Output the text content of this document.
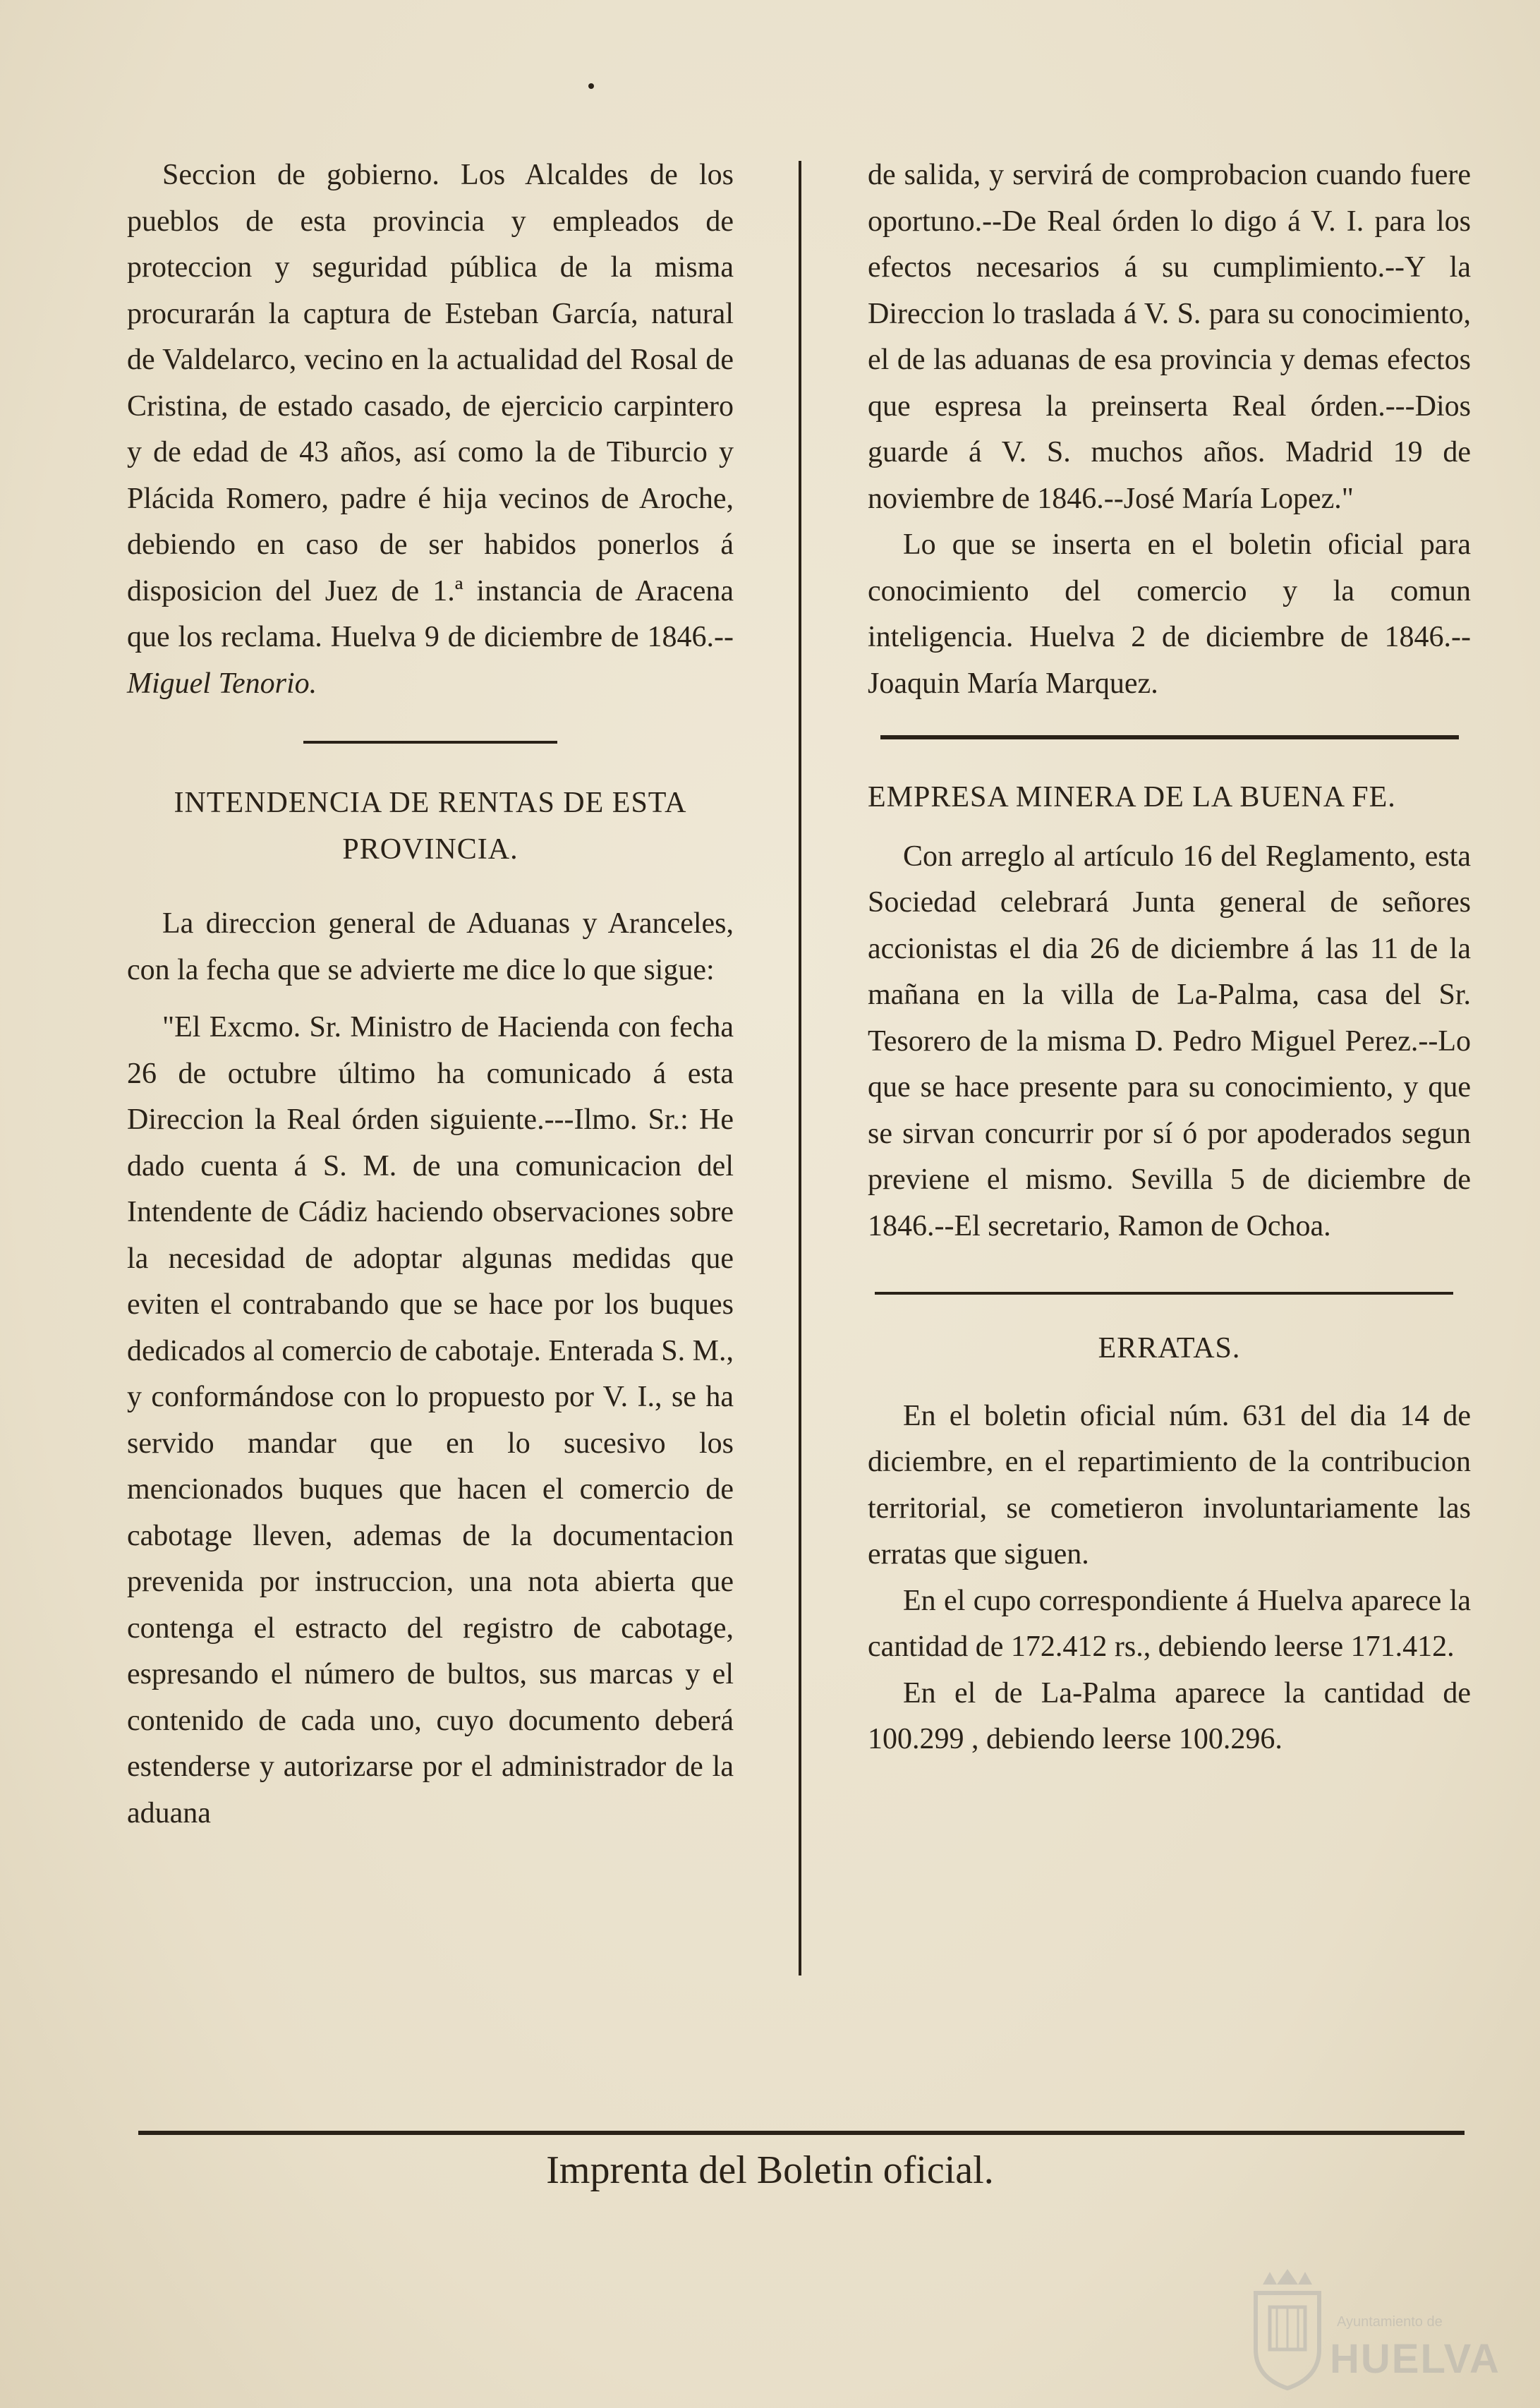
Seccion de gobierno. Los Alcaldes de los pueblos de esta provincia y empleados de proteccion y seguridad pública de la misma procurarán la captura de Esteban García, natural de Valdelarco, vecino en la actualidad del Rosal de Cristina, de estado casado, de ejercicio carpintero y de edad de 43 años, así como la de Tiburcio y Plácida Romero, padre é hija vecinos de Aroche, debiendo en caso de ser habidos ponerlos á disposicion del Juez de 1.ª instancia de Aracena que los reclama. Huelva 9 de diciembre de 1846.--Miguel Tenorio.

INTENDENCIA DE RENTAS DE ESTA PROVINCIA.

La direccion general de Aduanas y Aranceles, con la fecha que se advierte me dice lo que sigue:

"El Excmo. Sr. Ministro de Hacienda con fecha 26 de octubre último ha comunicado á esta Direccion la Real órden siguiente.---Ilmo. Sr.: He dado cuenta á S. M. de una comunicacion del Intendente de Cádiz haciendo observaciones sobre la necesidad de adoptar algunas medidas que eviten el contrabando que se hace por los buques dedicados al comercio de cabotaje. Enterada S. M., y conformándose con lo propuesto por V. I., se ha servido mandar que en lo sucesivo los mencionados buques que hacen el comercio de cabotage lleven, ademas de la documentacion prevenida por instruccion, una nota abierta que contenga el estracto del registro de cabotage, espresando el número de bultos, sus marcas y el contenido de cada uno, cuyo documento deberá estenderse y autorizarse por el administrador de la aduana

de salida, y servirá de comprobacion cuando fuere oportuno.--De Real órden lo digo á V. I. para los efectos necesarios á su cumplimiento.--Y la Direccion lo traslada á V. S. para su conocimiento, el de las aduanas de esa provincia y demas efectos que espresa la preinserta Real órden.---Dios guarde á V. S. muchos años. Madrid 19 de noviembre de 1846.--José María Lopez."

Lo que se inserta en el boletin oficial para conocimiento del comercio y la comun inteligencia. Huelva 2 de diciembre de 1846.--Joaquin María Marquez.

EMPRESA MINERA DE LA BUENA FE.

Con arreglo al artículo 16 del Reglamento, esta Sociedad celebrará Junta general de señores accionistas el dia 26 de diciembre á las 11 de la mañana en la villa de La-Palma, casa del Sr. Tesorero de la misma D. Pedro Miguel Perez.--Lo que se hace presente para su conocimiento, y que se sirvan concurrir por sí ó por apoderados segun previene el mismo. Sevilla 5 de diciembre de 1846.--El secretario, Ramon de Ochoa.

ERRATAS.

En el boletin oficial núm. 631 del dia 14 de diciembre, en el repartimiento de la contribucion territorial, se cometieron involuntariamente las erratas que siguen.

En el cupo correspondiente á Huelva aparece la cantidad de 172.412 rs., debiendo leerse 171.412.

En el de La-Palma aparece la cantidad de 100.299 , debiendo leerse 100.296.

Imprenta del Boletin oficial.
Ayuntamiento de
HUELVA
